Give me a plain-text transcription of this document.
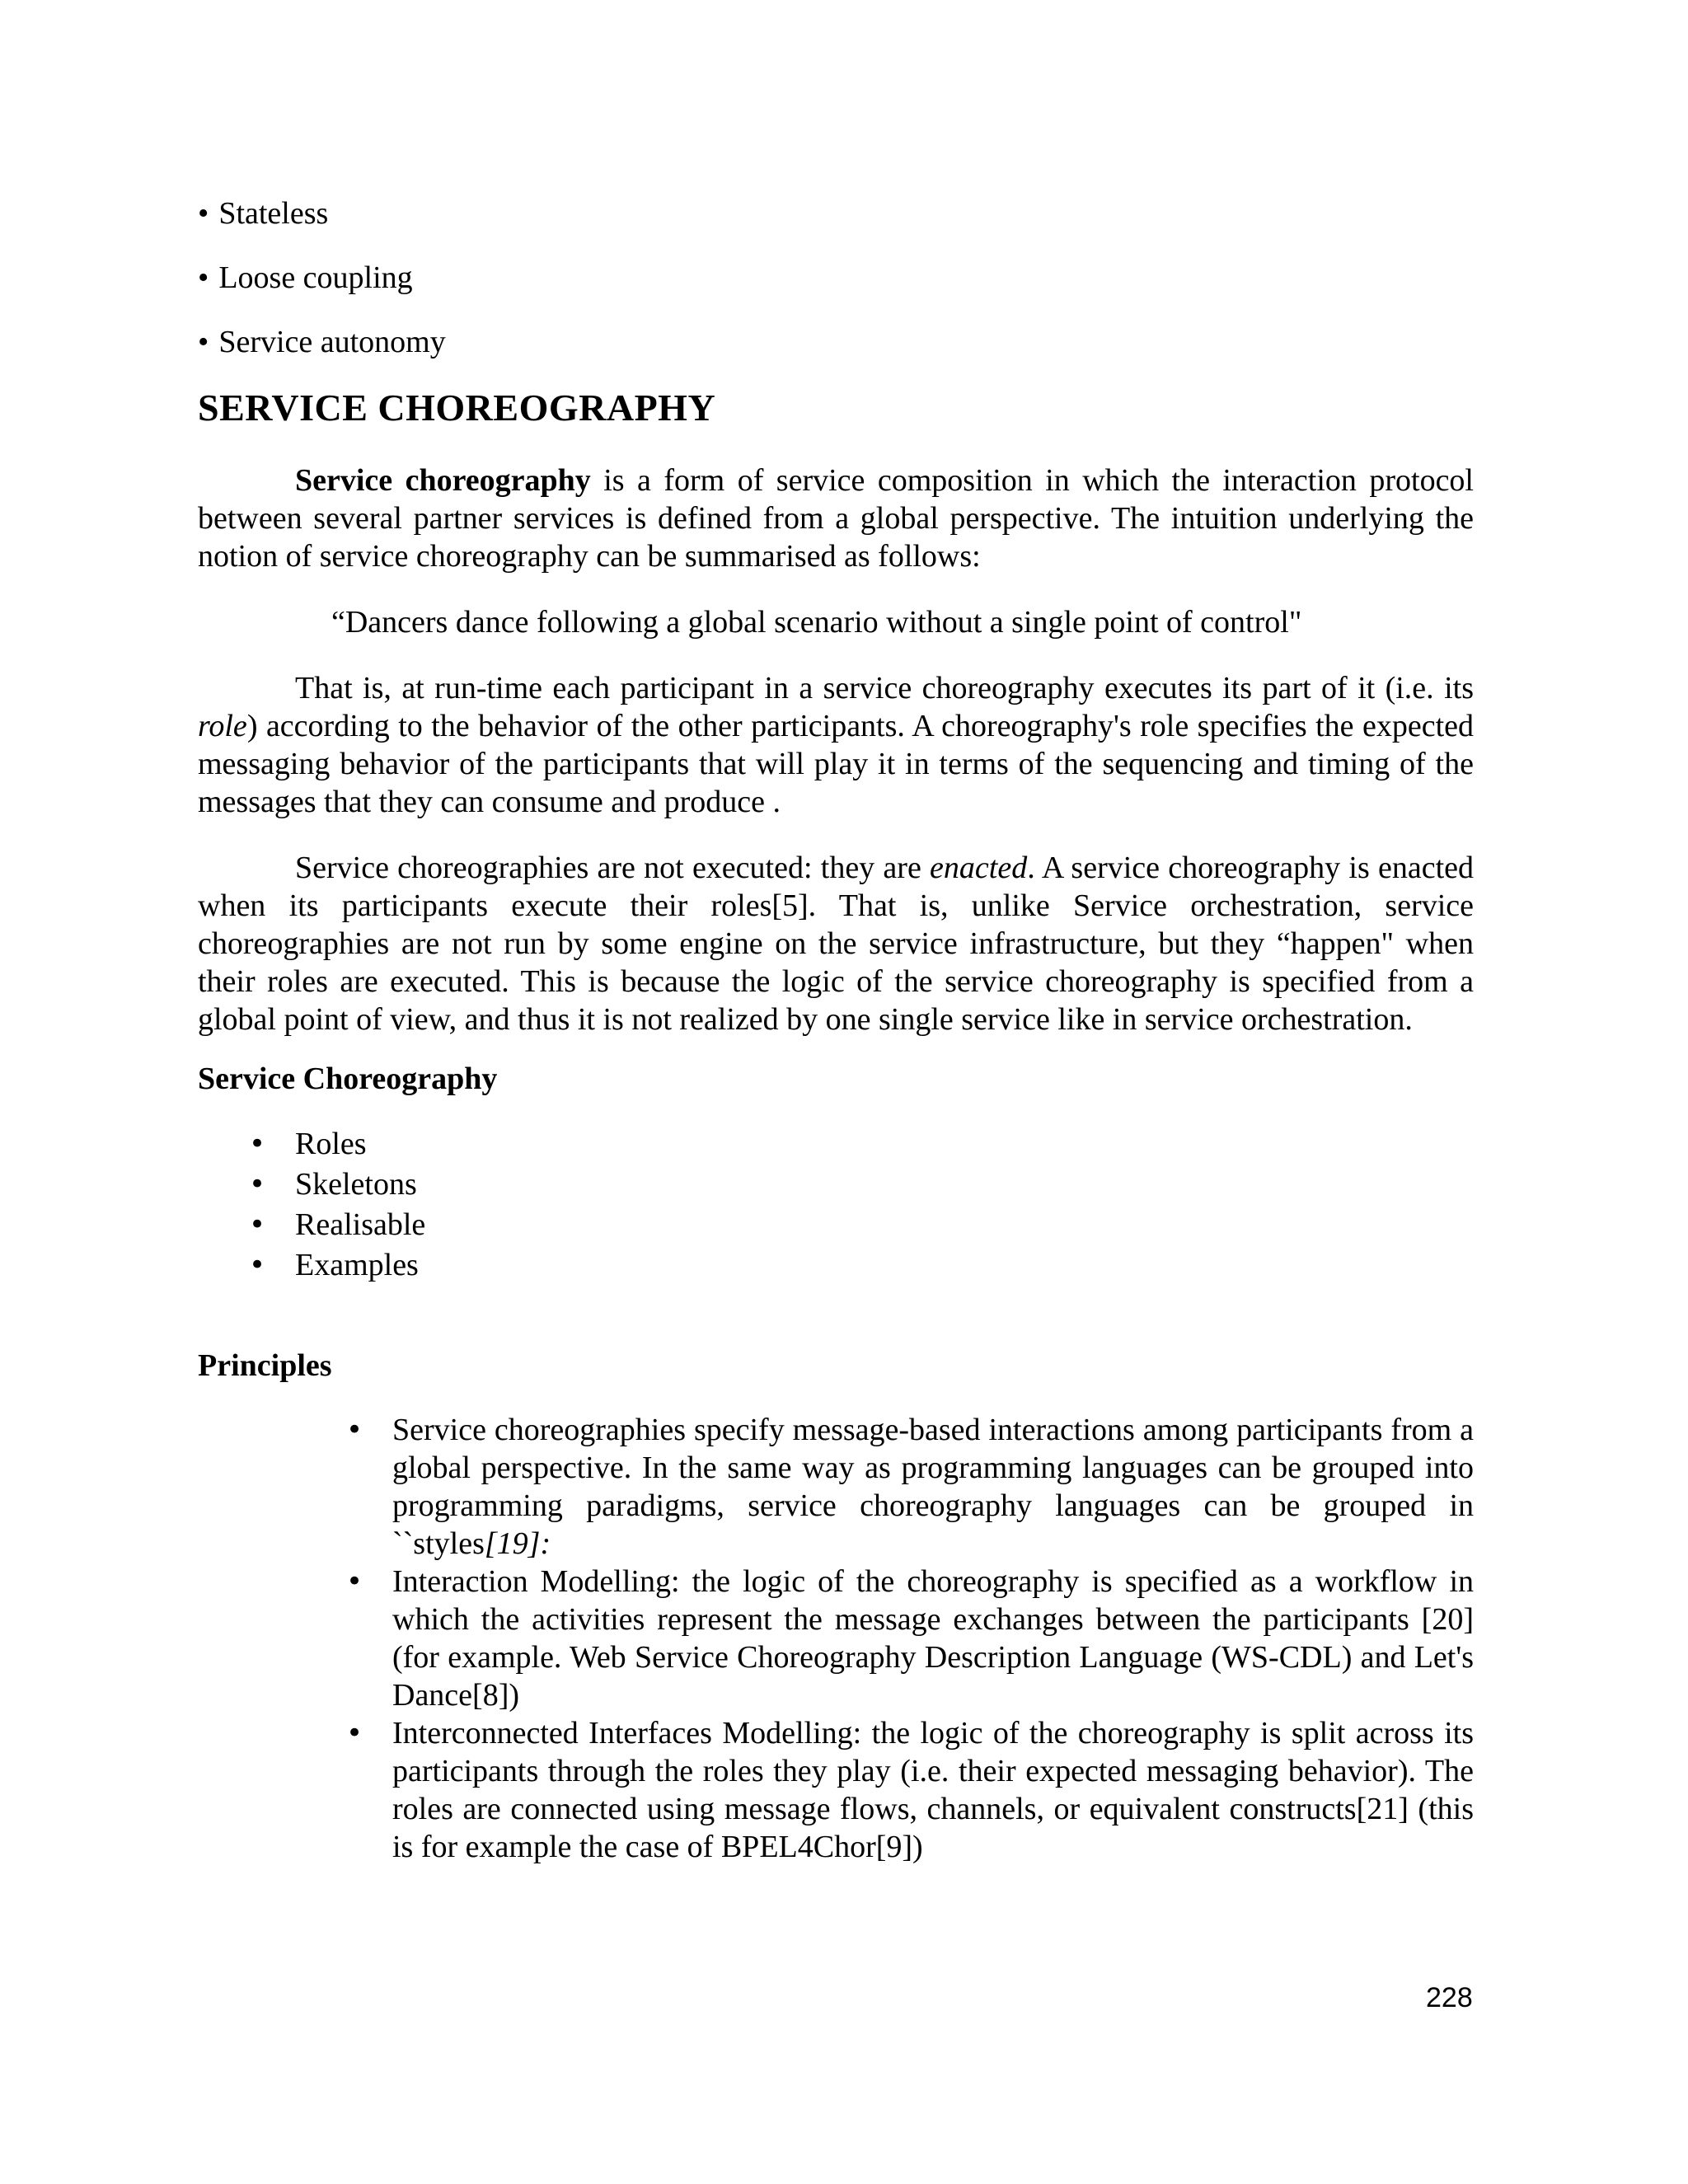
• Stateless
• Loose coupling
• Service autonomy
SERVICE CHOREOGRAPHY

Service choreography is a form of service composition in which the interaction protocol between several partner services is defined from a global perspective. The intuition underlying the notion of service choreography can be summarised as follows:

“Dancers dance following a global scenario without a single point of control"

That is, at run-time each participant in a service choreography executes its part of it (i.e. its role) according to the behavior of the other participants. A choreography's role specifies the expected messaging behavior of the participants that will play it in terms of the sequencing and timing of the messages that they can consume and produce .

Service choreographies are not executed: they are enacted. A service choreography is enacted when its participants execute their roles[5]. That is, unlike Service orchestration, service choreographies are not run by some engine on the service infrastructure, but they “happen" when their roles are executed. This is because the logic of the service choreography is specified from a global point of view, and thus it is not realized by one single service like in service orchestration.

Service Choreography
• Roles
• Skeletons
• Realisable
• Examples
Principles
• Service choreographies specify message-based interactions among participants from a global perspective. In the same way as programming languages can be grouped into programming paradigms, service choreography languages can be grouped in ``styles[19]:
• Interaction Modelling: the logic of the choreography is specified as a workflow in which the activities represent the message exchanges between the participants [20] (for example. Web Service Choreography Description Language (WS-CDL) and Let's Dance[8])
• Interconnected Interfaces Modelling: the logic of the choreography is split across its participants through the roles they play (i.e. their expected messaging behavior). The roles are connected using message flows, channels, or equivalent constructs[21] (this is for example the case of BPEL4Chor[9])
228
